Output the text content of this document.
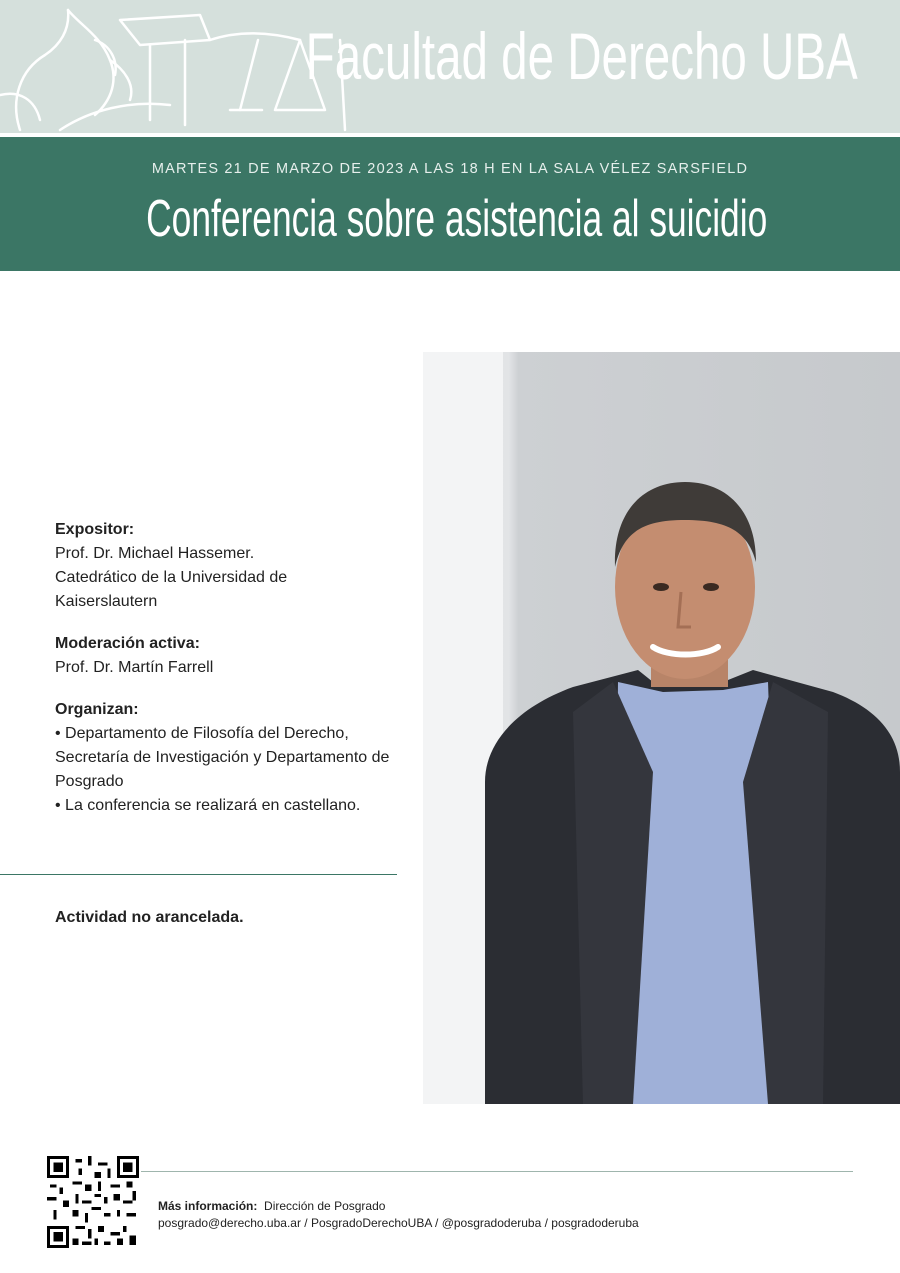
Facultad de Derecho UBA
MARTES 21 DE MARZO DE 2023 A LAS 18 H EN LA SALA VÉLEZ SARSFIELD
Conferencia sobre asistencia al suicidio
Expositor:
Prof. Dr. Michael Hassemer.
Catedrático de la Universidad de
Kaiserslautern
Moderación activa:
Prof. Dr. Martín Farrell
Organizan:
• Departamento de Filosofía del Derecho,
Secretaría de Investigación y Departamento de
Posgrado
• La conferencia se realizará en castellano.
Actividad no arancelada.
Más información: Dirección de Posgrado
posgrado@derecho.uba.ar / PosgradoDerechoUBA / @posgradoderuba / posgradoderuba
